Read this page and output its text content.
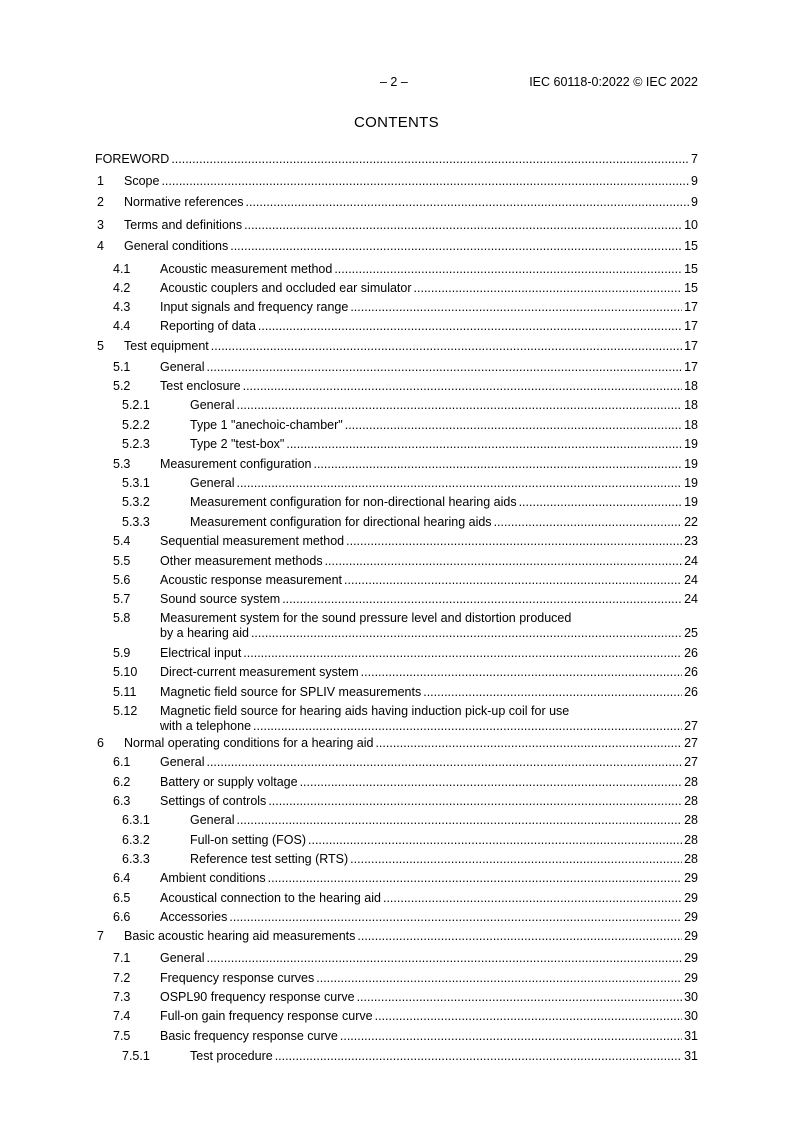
– 2 –	IEC 60118-0:2022 © IEC 2022
CONTENTS
FOREWORD .....	7
1 Scope .....	9
2 Normative references .....	9
3 Terms and definitions .....	10
4 General conditions .....	15
4.1 Acoustic measurement method .....	15
4.2 Acoustic couplers and occluded ear simulator .....	15
4.3 Input signals and frequency range .....	17
4.4 Reporting of data .....	17
5 Test equipment .....	17
5.1 General .....	17
5.2 Test enclosure .....	18
5.2.1	General .....	18
5.2.2	Type 1 "anechoic-chamber" .....	18
5.2.3	Type 2 "test-box" .....	19
5.3 Measurement configuration .....	19
5.3.1	General .....	19
5.3.2	Measurement configuration for non-directional hearing aids .....	19
5.3.3	Measurement configuration for directional hearing aids .....	22
5.4 Sequential measurement method .....	23
5.5 Other measurement methods .....	24
5.6 Acoustic response measurement .....	24
5.7 Sound source system .....	24
5.8 Measurement system for the sound pressure level and distortion produced
by a hearing aid .....	25
5.9 Electrical input .....	26
5.10 Direct-current measurement system .....	26
5.11 Magnetic field source for SPLIV measurements .....	26
5.12 Magnetic field source for hearing aids having induction pick-up coil for use
with a telephone .....	27
6 Normal operating conditions for a hearing aid .....	27
6.1 General .....	27
6.2 Battery or supply voltage .....	28
6.3 Settings of controls .....	28
6.3.1	General .....	28
6.3.2	Full-on setting (FOS) .....	28
6.3.3	Reference test setting (RTS) .....	28
6.4 Ambient conditions .....	29
6.5 Acoustical connection to the hearing aid .....	29
6.6 Accessories .....	29
7 Basic acoustic hearing aid measurements .....	29
7.1 General .....	29
7.2 Frequency response curves .....	29
7.3 OSPL90 frequency response curve .....	30
7.4 Full-on gain frequency response curve .....	30
7.5 Basic frequency response curve .....	31
7.5.1	Test procedure .....	31
